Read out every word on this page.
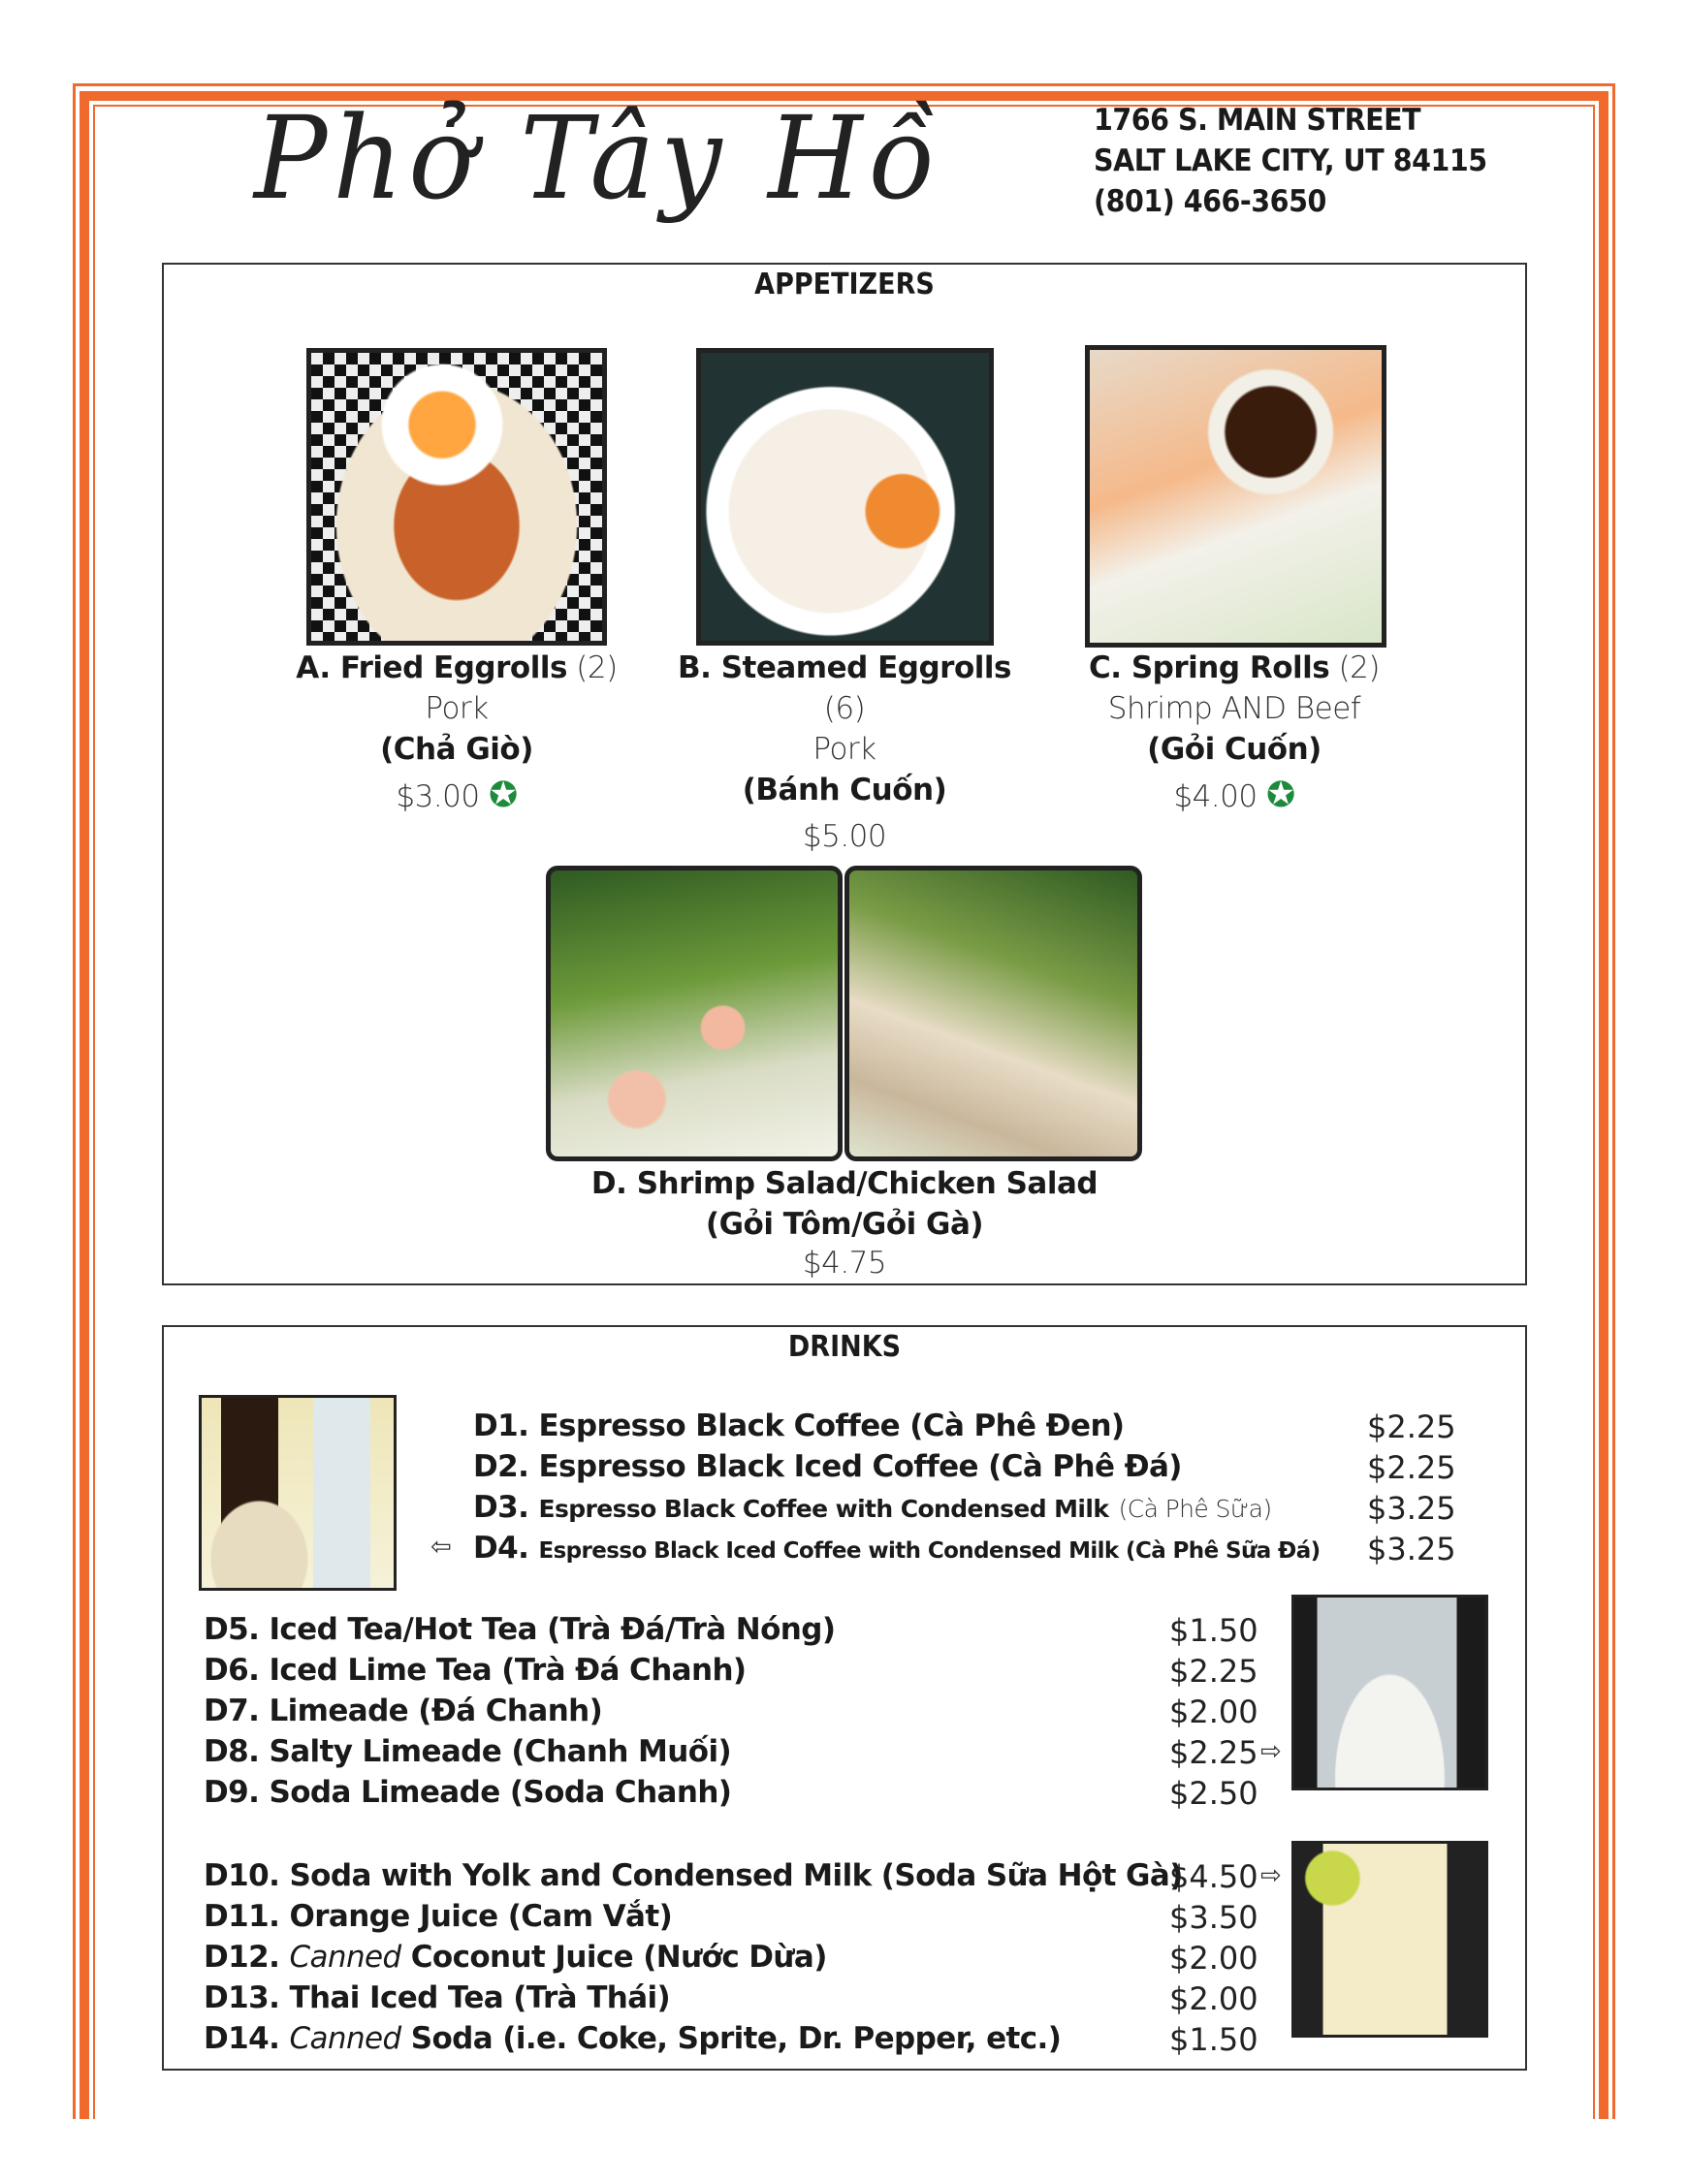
Phở Tây Hồ	1766 S. MAIN STREET
SALT LAKE CITY, UT 84115
(801) 466-3650
APPETIZERS
A. Fried Eggrolls (2)
Pork
(Chả Giò)
$3.00 ✪
B. Steamed Eggrolls (6)
Pork
(Bánh Cuốn)
$5.00
C. Spring Rolls (2)
Shrimp AND Beef
(Gỏi Cuốn)
$4.00 ✪
D. Shrimp Salad/Chicken Salad
(Gỏi Tôm/Gỏi Gà)
$4.75
DRINKS
D1. Espresso Black Coffee (Cà Phê Đen)
D2. Espresso Black Iced Coffee (Cà Phê Đá)
D3. Espresso Black Coffee with Condensed Milk (Cà Phê Sữa)
⇦ D4. Espresso Black Iced Coffee with Condensed Milk (Cà Phê Sữa Đá)
$2.25
$2.25
$3.25
$3.25
D5. Iced Tea/Hot Tea (Trà Đá/Trà Nóng)
D6. Iced Lime Tea (Trà Đá Chanh)
D7. Limeade (Đá Chanh)
D8. Salty Limeade (Chanh Muối)
D9. Soda Limeade (Soda Chanh)
$1.50
$2.25
$2.00
$2.25 ⇨
$2.50
D10. Soda with Yolk and Condensed Milk (Soda Sữa Hột Gà)
D11. Orange Juice (Cam Vắt)
D12. Canned Coconut Juice (Nước Dừa)
D13. Thai Iced Tea (Trà Thái)
D14. Canned Soda (i.e. Coke, Sprite, Dr. Pepper, etc.)
$4.50 ⇨
$3.50
$2.00
$2.00
$1.50
